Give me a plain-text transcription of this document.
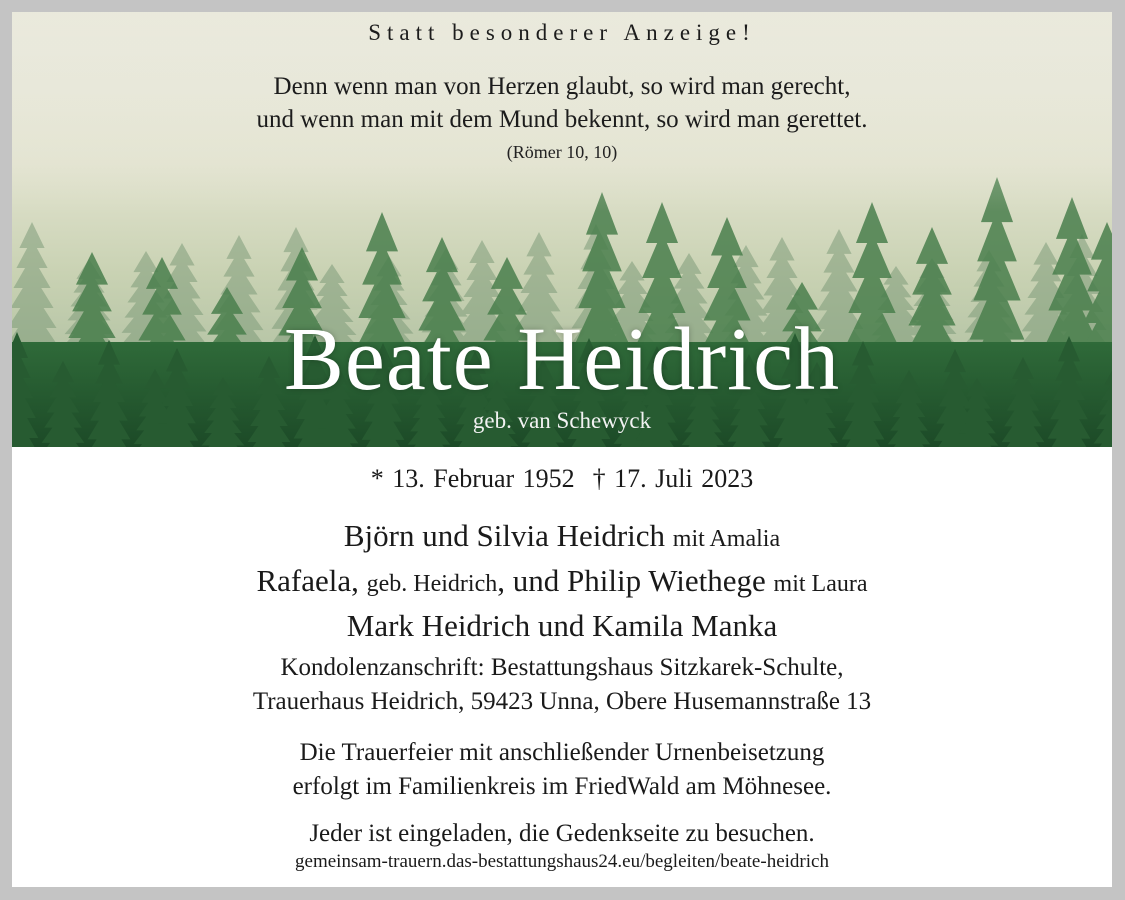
Statt besonderer Anzeige!
Denn wenn man von Herzen glaubt, so wird man gerecht,
und wenn man mit dem Mund bekennt, so wird man gerettet.
(Römer 10, 10)
Beate Heidrich
geb. van Schewyck
* 13. Februar 1952 † 17. Juli 2023
Björn und Silvia Heidrich mit Amalia
Rafaela, geb. Heidrich, und Philip Wiethege mit Laura
Mark Heidrich und Kamila Manka
Kondolenzanschrift: Bestattungshaus Sitzkarek-Schulte,
Trauerhaus Heidrich, 59423 Unna, Obere Husemannstraße 13
Die Trauerfeier mit anschließender Urnenbeisetzung
erfolgt im Familienkreis im FriedWald am Möhnesee.
Jeder ist eingeladen, die Gedenkseite zu besuchen.
gemeinsam-trauern.das-bestattungshaus24.eu/begleiten/beate-heidrich
